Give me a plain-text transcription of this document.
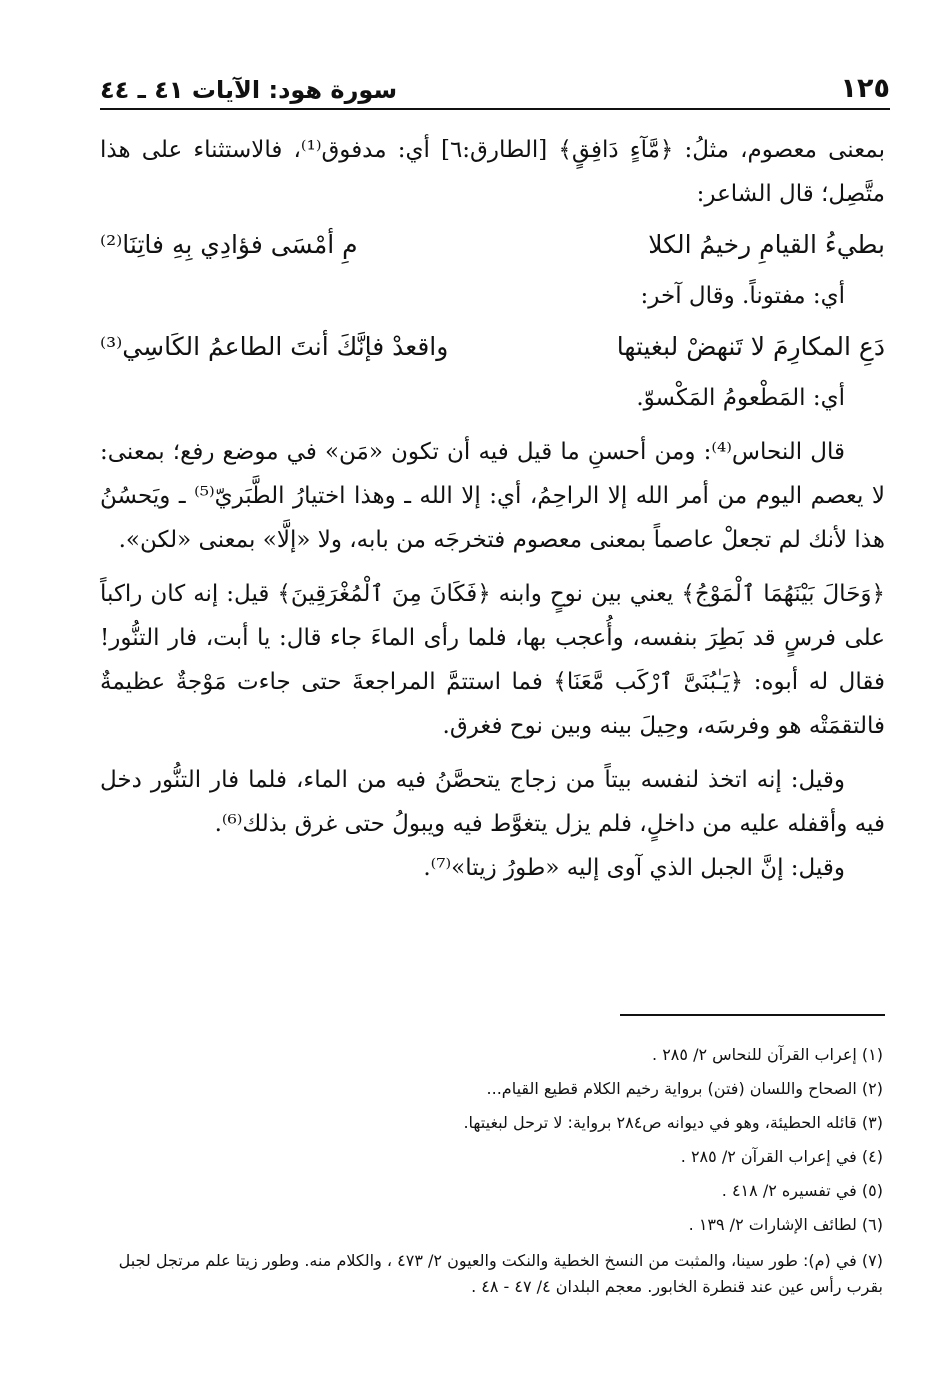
سورة هود: الآيات ٤١ ـ ٤٤	١٢٥

بمعنى معصوم، مثلُ: ﴿مَّآءٍ دَافِقٍ﴾ [الطارق:٦] أي: مدفوق⁽¹⁾، فالاستثناء على هذا متَّصِل؛ قال الشاعر:

بطيءُ القيامِ رخيمُ الكلا
مِ أمْسَى فؤادِي بِهِ فاتِنَا⁽²⁾

أي: مفتوناً. وقال آخر:

دَعِ المكارِمَ لا تَنهضْ لبغيتها
واقعدْ فإنَّكَ أنتَ الطاعمُ الكَاسِي⁽³⁾

أي: المَطْعومُ المَكْسوّ.

قال النحاس⁽⁴⁾: ومن أحسنِ ما قيل فيه أن تكون «مَن» في موضع رفع؛ بمعنى: لا يعصم اليوم من أمر الله إلا الراحِمُ، أي: إلا الله ـ وهذا اختيارُ الطَّبَريّ⁽⁵⁾ ـ ويَحسُنُ هذا لأنك لم تجعلْ عاصماً بمعنى معصوم فتخرجَه من بابه، ولا «إلَّا» بمعنى «لكن».

﴿وَحَالَ بَيْنَهُمَا ٱلْمَوْجُ﴾ يعني بين نوحٍ وابنه ﴿فَكَانَ مِنَ ٱلْمُغْرَقِينَ﴾ قيل: إنه كان راكباً على فرسٍ قد بَطِرَ بنفسه، وأُعجب بها، فلما رأى الماءَ جاء قال: يا أبت، فار التنُّور! فقال له أبوه: ﴿يَـٰبُنَىَّ ٱرْكَب مَّعَنَا﴾ فما استتمَّ المراجعةَ حتى جاءت مَوْجةٌ عظيمةٌ فالتقمَتْه هو وفرسَه، وحِيلَ بينه وبين نوح فغرق.

وقيل: إنه اتخذ لنفسه بيتاً من زجاج يتحصَّنُ فيه من الماء، فلما فار التنُّور دخل فيه وأقفله عليه من داخلٍ، فلم يزل يتغوَّط فيه ويبولُ حتى غرق بذلك⁽⁶⁾.

وقيل: إنَّ الجبل الذي آوى إليه «طورُ زيتا»⁽⁷⁾.

(١) إعراب القرآن للنحاس ٢/ ٢٨٥ .

(٢) الصحاح واللسان (فتن) برواية رخيم الكلام قطيع القيام...

(٣) قائله الحطيئة، وهو في ديوانه ص٢٨٤ برواية: لا ترحل لبغيتها.

(٤) في إعراب القرآن ٢/ ٢٨٥ .

(٥) في تفسيره ٢/ ٤١٨ .

(٦) لطائف الإشارات ٢/ ١٣٩ .

(٧) في (م): طور سينا، والمثبت من النسخ الخطية والنكت والعيون ٢/ ٤٧٣ ، والكلام منه. وطور زيتا علم مرتجل لجبل بقرب رأس عين عند قنطرة الخابور. معجم البلدان ٤/ ٤٧ - ٤٨ .
